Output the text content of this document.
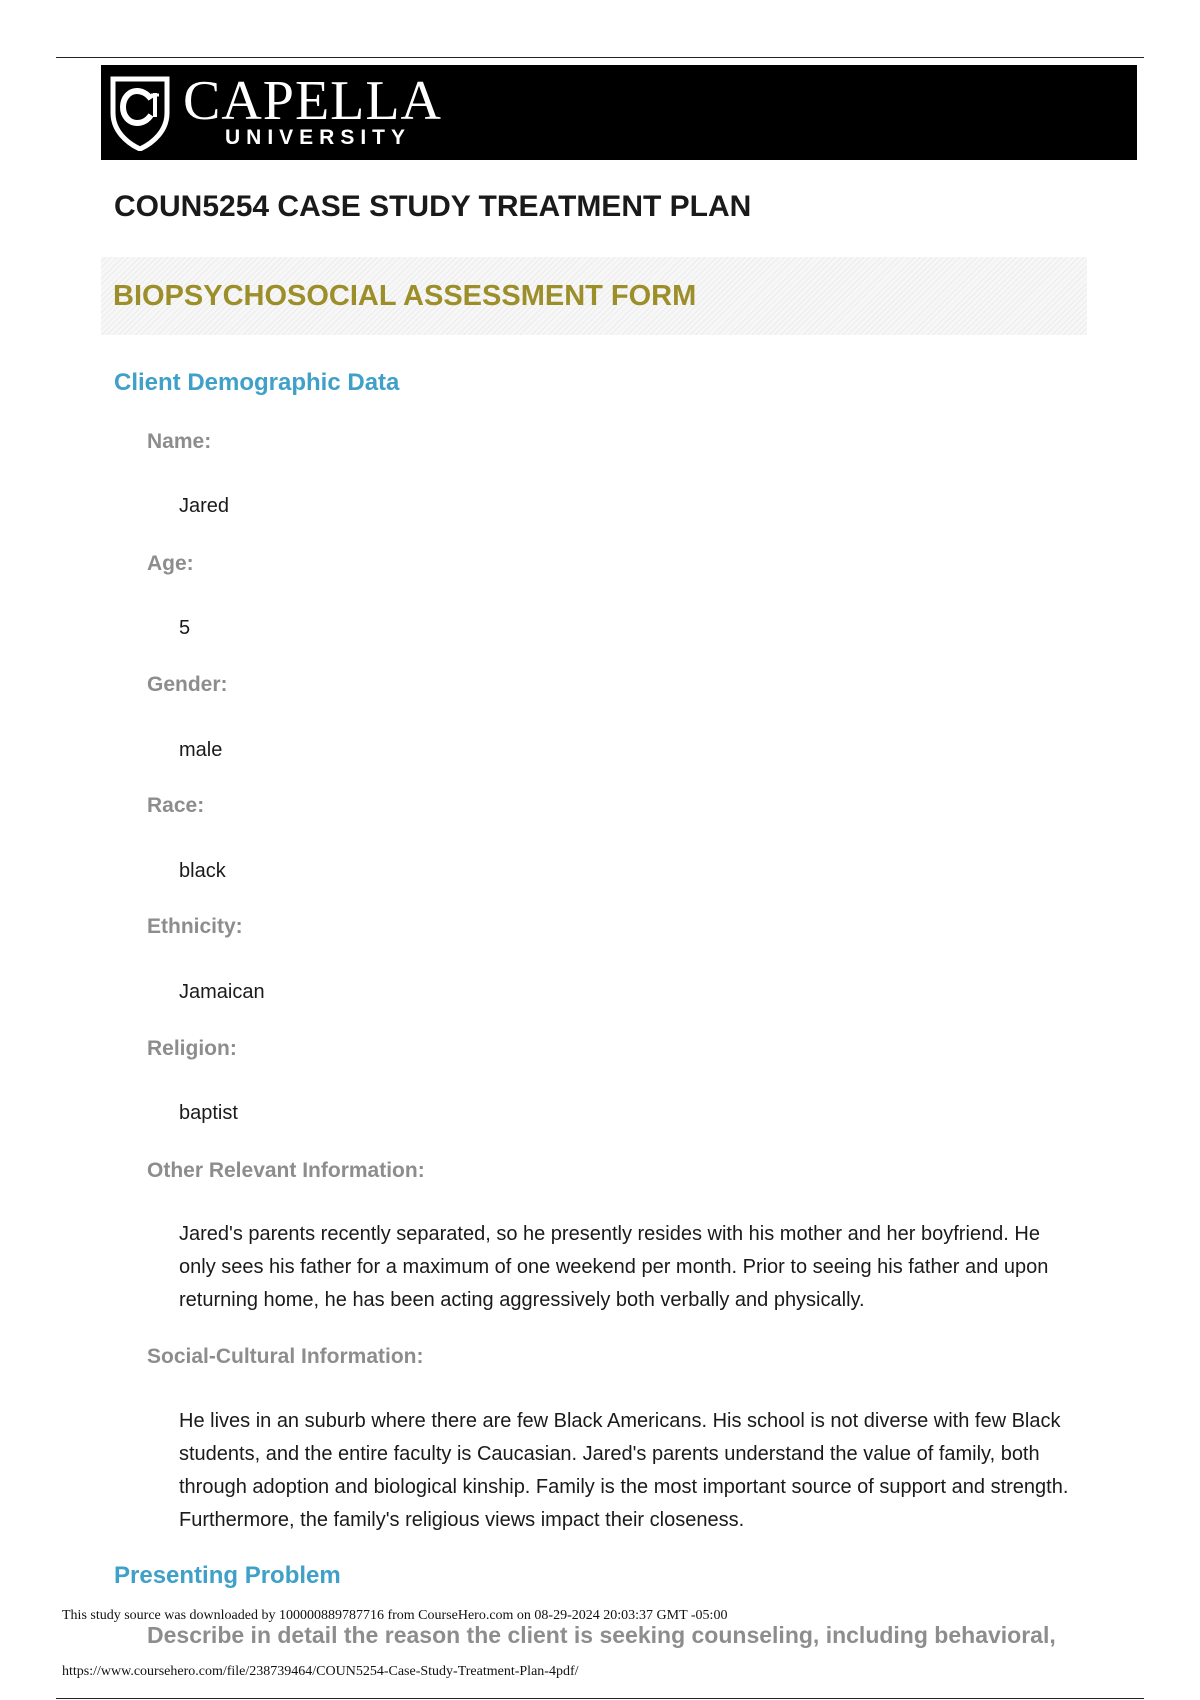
CAPELLA
UNIVERSITY
COUN5254 CASE STUDY TREATMENT PLAN
BIOPSYCHOSOCIAL ASSESSMENT FORM
Client Demographic Data

Name:

Jared

Age:

5

Gender:

male

Race:

black

Ethnicity:

Jamaican

Religion:

baptist

Other Relevant Information:

Jared's parents recently separated, so he presently resides with his mother and her boyfriend. He only sees his father for a maximum of one weekend per month. Prior to seeing his father and upon returning home, he has been acting aggressively both verbally and physically.

Social-Cultural Information:

He lives in an suburb where there are few Black Americans. His school is not diverse with few Black students, and the entire faculty is Caucasian. Jared's parents understand the value of family, both through adoption and biological kinship. Family is the most important source of support and strength. Furthermore, the family's religious views impact their closeness.

Presenting Problem

This study source was downloaded by 100000889787716 from CourseHero.com on 08-29-2024 20:03:37 GMT -05:00

Describe in detail the reason the client is seeking counseling, including behavioral,

https://www.coursehero.com/file/238739464/COUN5254-Case-Study-Treatment-Plan-4pdf/
